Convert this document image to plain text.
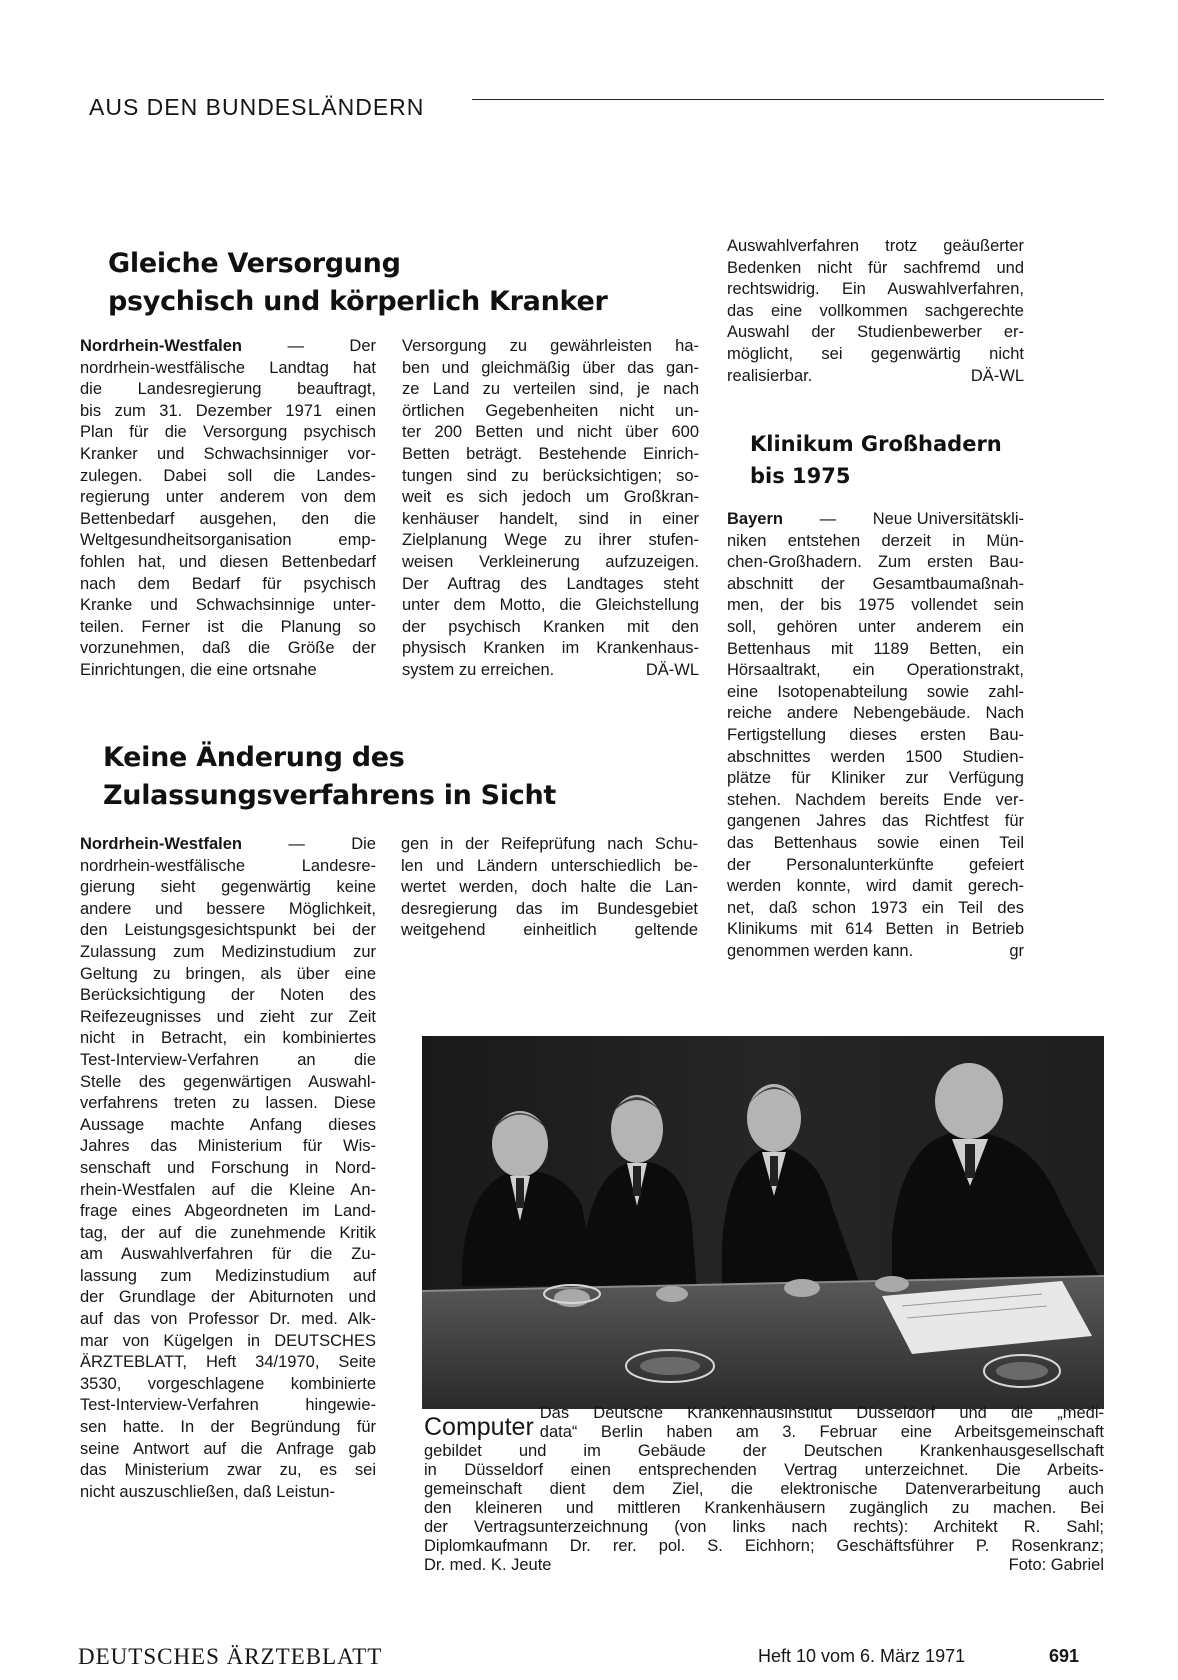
AUS DEN BUNDESLÄNDERN
Gleiche Versorgung
psychisch und körperlich Kranker
Nordrhein-Westfalen	—	Der
nordrhein-westfälische Landtag hat
die Landesregierung beauftragt,
bis zum 31. Dezember 1971 einen
Plan für die Versorgung psychisch
Kranker und Schwachsinniger vor-
zulegen. Dabei soll die Landes-
regierung unter anderem von dem
Bettenbedarf ausgehen, den die
Weltgesundheitsorganisation emp-
fohlen hat, und diesen Bettenbedarf
nach dem Bedarf für psychisch
Kranke und Schwachsinnige unter-
teilen. Ferner ist die Planung so
vorzunehmen, daß die Größe der
Einrichtungen, die eine ortsnahe
Versorgung zu gewährleisten ha-
ben und gleichmäßig über das gan-
ze Land zu verteilen sind, je nach
örtlichen Gegebenheiten nicht un-
ter 200 Betten und nicht über 600
Betten beträgt. Bestehende Einrich-
tungen sind zu berücksichtigen; so-
weit es sich jedoch um Großkran-
kenhäuser handelt, sind in einer
Zielplanung Wege zu ihrer stufen-
weisen Verkleinerung aufzuzeigen.
Der Auftrag des Landtages steht
unter dem Motto, die Gleichstellung
der psychisch Kranken mit den
physisch Kranken im Krankenhaus-
system zu erreichen.	DÄ-WL
Keine Änderung des
Zulassungsverfahrens in Sicht
Nordrhein-Westfalen	—	Die
nordrhein-westfälische Landesre-
gierung sieht gegenwärtig keine
andere und bessere Möglichkeit,
den Leistungsgesichtspunkt bei der
Zulassung zum Medizinstudium zur
Geltung zu bringen, als über eine
Berücksichtigung der Noten des
Reifezeugnisses und zieht zur Zeit
nicht in Betracht, ein kombiniertes
Test-Interview-Verfahren an die
Stelle des gegenwärtigen Auswahl-
verfahrens treten zu lassen. Diese
Aussage machte Anfang dieses
Jahres das Ministerium für Wis-
senschaft und Forschung in Nord-
rhein-Westfalen auf die Kleine An-
frage eines Abgeordneten im Land-
tag, der auf die zunehmende Kritik
am Auswahlverfahren für die Zu-
lassung zum Medizinstudium auf
der Grundlage der Abiturnoten und
auf das von Professor Dr. med. Alk-
mar von Kügelgen in DEUTSCHES
ÄRZTEBLATT, Heft 34/1970, Seite
3530, vorgeschlagene kombinierte
Test-Interview-Verfahren hingewie-
sen hatte. In der Begründung für
seine Antwort auf die Anfrage gab
das Ministerium zwar zu, es sei
nicht auszuschließen, daß Leistun-
gen in der Reifeprüfung nach Schu-
len und Ländern unterschiedlich be-
wertet werden, doch halte die Lan-
desregierung das im Bundesgebiet
weitgehend einheitlich geltende
Auswahlverfahren trotz geäußerter
Bedenken nicht für sachfremd und
rechtswidrig. Ein Auswahlverfahren,
das eine vollkommen sachgerechte
Auswahl der Studienbewerber er-
möglicht, sei gegenwärtig nicht
realisierbar.	DÄ-WL
Klinikum Großhadern
bis 1975
Bayern — Neue Universitätskli-
niken entstehen derzeit in Mün-
chen-Großhadern. Zum ersten Bau-
abschnitt der Gesamtbaumaßnah-
men, der bis 1975 vollendet sein
soll, gehören unter anderem ein
Bettenhaus mit 1189 Betten, ein
Hörsaaltrakt, ein Operationstrakt,
eine Isotopenabteilung sowie zahl-
reiche andere Nebengebäude. Nach
Fertigstellung dieses ersten Bau-
abschnittes werden 1500 Studien-
plätze für Kliniker zur Verfügung
stehen. Nachdem bereits Ende ver-
gangenen Jahres das Richtfest für
das Bettenhaus sowie einen Teil
der Personalunterkünfte gefeiert
werden konnte, wird damit gerech-
net, daß schon 1973 ein Teil des
Klinikums mit 614 Betten in Betrieb
genommen werden kann.	gr
Computer Das Deutsche Krankenhausinstitut Düsseldorf und die „medi-
data“ Berlin haben am 3. Februar eine Arbeitsgemeinschaft
gebildet und im Gebäude der Deutschen Krankenhausgesellschaft
in Düsseldorf einen entsprechenden Vertrag unterzeichnet. Die Arbeits-
gemeinschaft dient dem Ziel, die elektronische Datenverarbeitung auch
den kleineren und mittleren Krankenhäusern zugänglich zu machen. Bei
der Vertragsunterzeichnung (von links nach rechts): Architekt R. Sahl;
Diplomkaufmann Dr. rer. pol. S. Eichhorn; Geschäftsführer P. Rosenkranz;
Dr. med. K. Jeute	Foto: Gabriel
DEUTSCHES ÄRZTEBLATT	Heft 10 vom 6. März 1971	691
